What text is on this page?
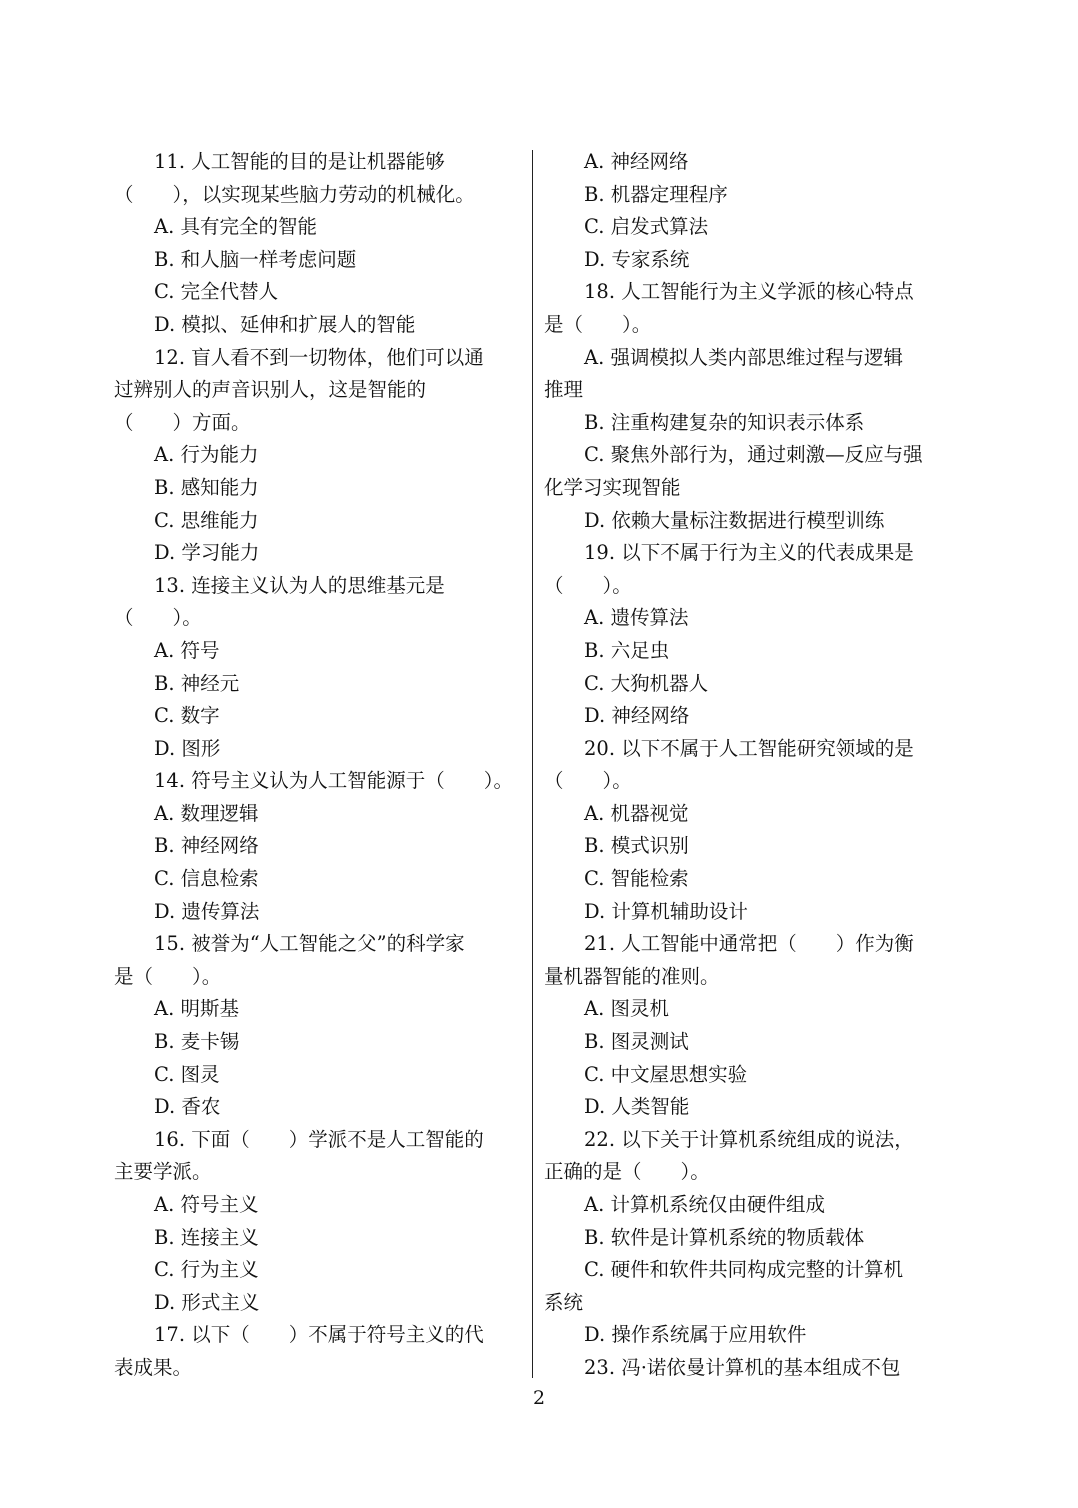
11. 人工智能的目的是让机器能够
（　　），以实现某些脑力劳动的机械化。
A. 具有完全的智能
B. 和人脑一样考虑问题
C. 完全代替人
D. 模拟、延伸和扩展人的智能
12. 盲人看不到一切物体，他们可以通
过辨别人的声音识别人，这是智能的
（　　）方面。
A. 行为能力
B. 感知能力
C. 思维能力
D. 学习能力
13. 连接主义认为人的思维基元是
（　　）。
A. 符号
B. 神经元
C. 数字
D. 图形
14. 符号主义认为人工智能源于（　　）。
A. 数理逻辑
B. 神经网络
C. 信息检索
D. 遗传算法
15. 被誉为“人工智能之父”的科学家
是（　　）。
A. 明斯基
B. 麦卡锡
C. 图灵
D. 香农
16. 下面（　　）学派不是人工智能的
主要学派。
A. 符号主义
B. 连接主义
C. 行为主义
D. 形式主义
17. 以下（　　）不属于符号主义的代
表成果。
A. 神经网络
B. 机器定理程序
C. 启发式算法
D. 专家系统
18. 人工智能行为主义学派的核心特点
是（　　）。
A. 强调模拟人类内部思维过程与逻辑
推理
B. 注重构建复杂的知识表示体系
C. 聚焦外部行为，通过刺激—反应与强
化学习实现智能
D. 依赖大量标注数据进行模型训练
19. 以下不属于行为主义的代表成果是
（　　）。
A. 遗传算法
B. 六足虫
C. 大狗机器人
D. 神经网络
20. 以下不属于人工智能研究领域的是
（　　）。
A. 机器视觉
B. 模式识别
C. 智能检索
D. 计算机辅助设计
21. 人工智能中通常把（　　）作为衡
量机器智能的准则。
A. 图灵机
B. 图灵测试
C. 中文屋思想实验
D. 人类智能
22. 以下关于计算机系统组成的说法，
正确的是（　　）。
A. 计算机系统仅由硬件组成
B. 软件是计算机系统的物质载体
C. 硬件和软件共同构成完整的计算机
系统
D. 操作系统属于应用软件
23. 冯·诺依曼计算机的基本组成不包
2
